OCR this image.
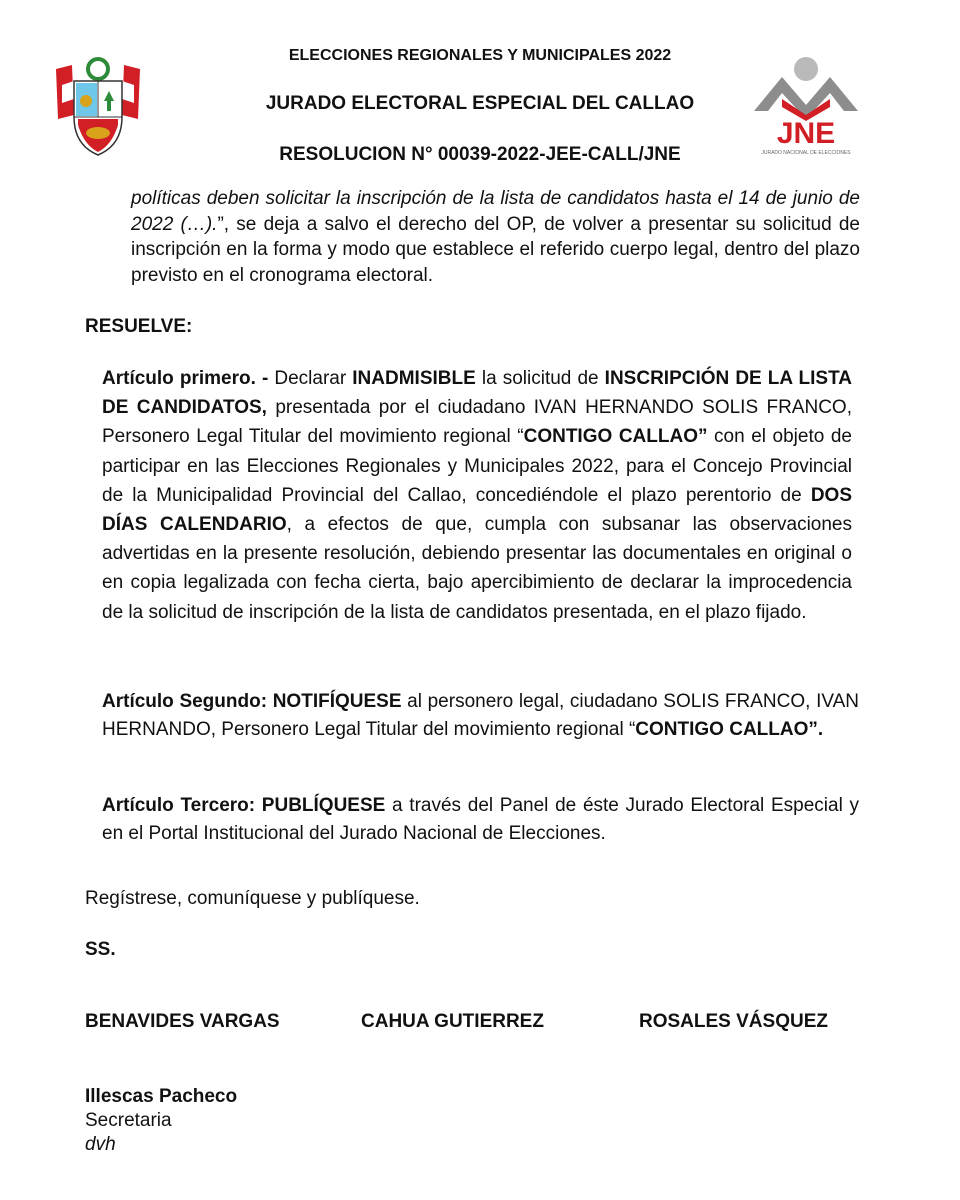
JNE
JURADO NACIONAL DE ELECCIONES
ELECCIONES REGIONALES Y MUNICIPALES 2022
JURADO ELECTORAL ESPECIAL DEL CALLAO
RESOLUCION N° 00039-2022-JEE-CALL/JNE

políticas deben solicitar la inscripción de la lista de candidatos hasta el 14 de junio de 2022 (…).”, se deja a salvo el derecho del OP, de volver a presentar su solicitud de inscripción en la forma y modo que establece el referido cuerpo legal, dentro del plazo previsto en el cronograma electoral.

RESUELVE:

Artículo primero. - Declarar INADMISIBLE la solicitud de INSCRIPCIÓN DE LA LISTA DE CANDIDATOS, presentada por el ciudadano IVAN HERNANDO SOLIS FRANCO, Personero Legal Titular del movimiento regional “CONTIGO CALLAO” con el objeto de participar en las Elecciones Regionales y Municipales 2022, para el Concejo Provincial de la Municipalidad Provincial del Callao, concediéndole el plazo perentorio de DOS DÍAS CALENDARIO, a efectos de que, cumpla con subsanar las observaciones advertidas en la presente resolución, debiendo presentar las documentales en original o en copia legalizada con fecha cierta, bajo apercibimiento de declarar la improcedencia de la solicitud de inscripción de la lista de candidatos presentada, en el plazo fijado.

Artículo Segundo: NOTIFÍQUESE al personero legal, ciudadano SOLIS FRANCO, IVAN HERNANDO, Personero Legal Titular del movimiento regional “CONTIGO CALLAO”.

Artículo Tercero: PUBLÍQUESE a través del Panel de éste Jurado Electoral Especial y en el Portal Institucional del Jurado Nacional de Elecciones.

Regístrese, comuníquese y publíquese.
SS.
BENAVIDES VARGAS	CAHUA GUTIERREZ	ROSALES VÁSQUEZ
Illescas Pacheco
Secretaria
dvh
